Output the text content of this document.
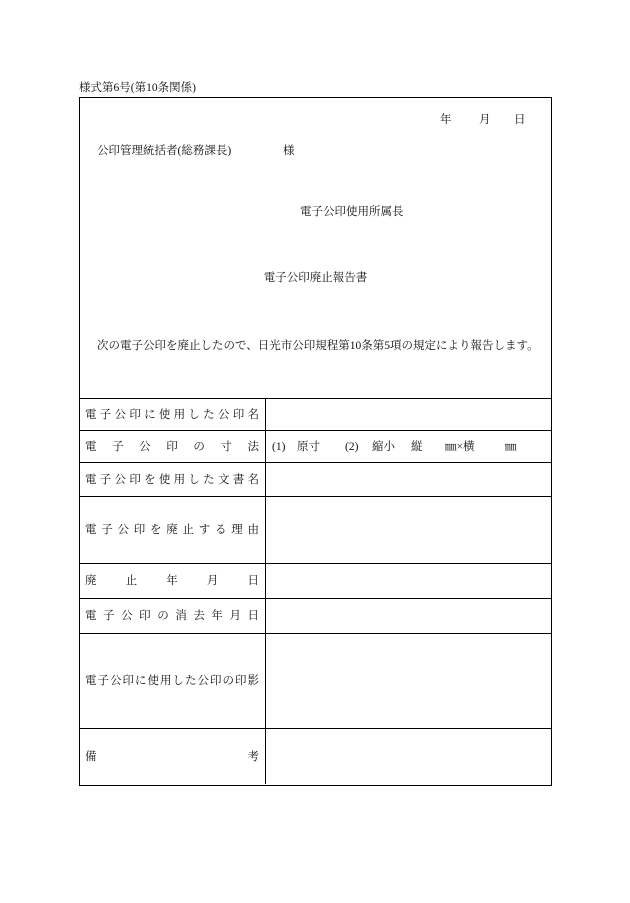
様式第6号(第10条関係)
年 月 日
公印管理統括者(総務課長)	様
電子公印使用所属長
電子公印廃止報告書
次の電子公印を廃止したので、日光市公印規程第10条第5項の規定により報告します。
電子公印に使用した公印名
電子公印の寸法 (1) 原寸 (2) 縮小 縦 ㎜×横	㎜
電子公印を使用した文書名
電子公印を廃止する理由
廃止年月日
電子公印の消去年月日
電子公印に使用した公印の印影
備考
